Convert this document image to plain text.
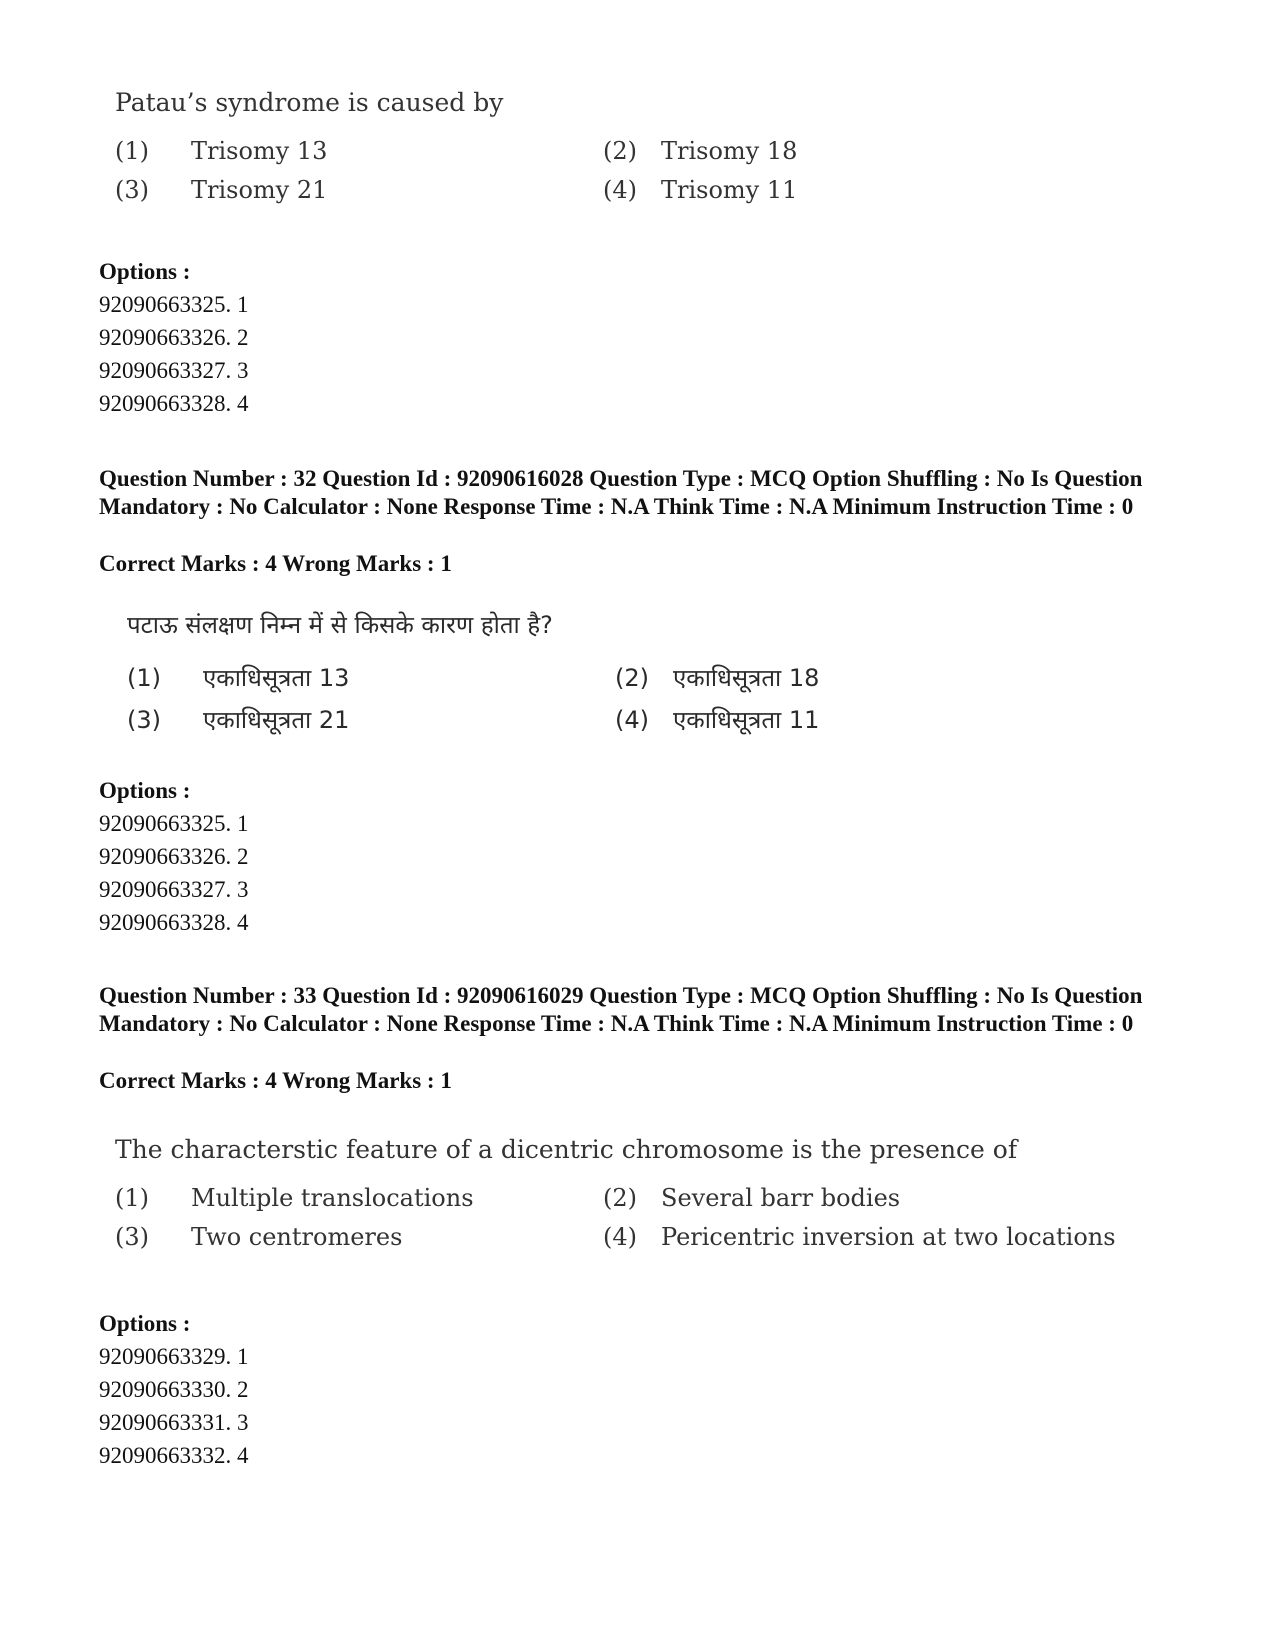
Patau’s syndrome is caused by
(1) Trisomy 13	(2) Trisomy 18
(3) Trisomy 21	(4) Trisomy 11
Options :
92090663325. 1
92090663326. 2
92090663327. 3
92090663328. 4
Question Number : 32 Question Id : 92090616028 Question Type : MCQ Option Shuffling : No Is Question Mandatory : No Calculator : None Response Time : N.A Think Time : N.A Minimum Instruction Time : 0
Correct Marks : 4 Wrong Marks : 1
पटाऊ संलक्षण निम्न में से किसके कारण होता है?
(1) एकाधिसूत्रता 13	(2) एकाधिसूत्रता 18
(3) एकाधिसूत्रता 21	(4) एकाधिसूत्रता 11
Options :
92090663325. 1
92090663326. 2
92090663327. 3
92090663328. 4
Question Number : 33 Question Id : 92090616029 Question Type : MCQ Option Shuffling : No Is Question Mandatory : No Calculator : None Response Time : N.A Think Time : N.A Minimum Instruction Time : 0
Correct Marks : 4 Wrong Marks : 1
The characterstic feature of a dicentric chromosome is the presence of
(1) Multiple translocations	(2) Several barr bodies
(3) Two centromeres	(4) Pericentric inversion at two locations
Options :
92090663329. 1
92090663330. 2
92090663331. 3
92090663332. 4
